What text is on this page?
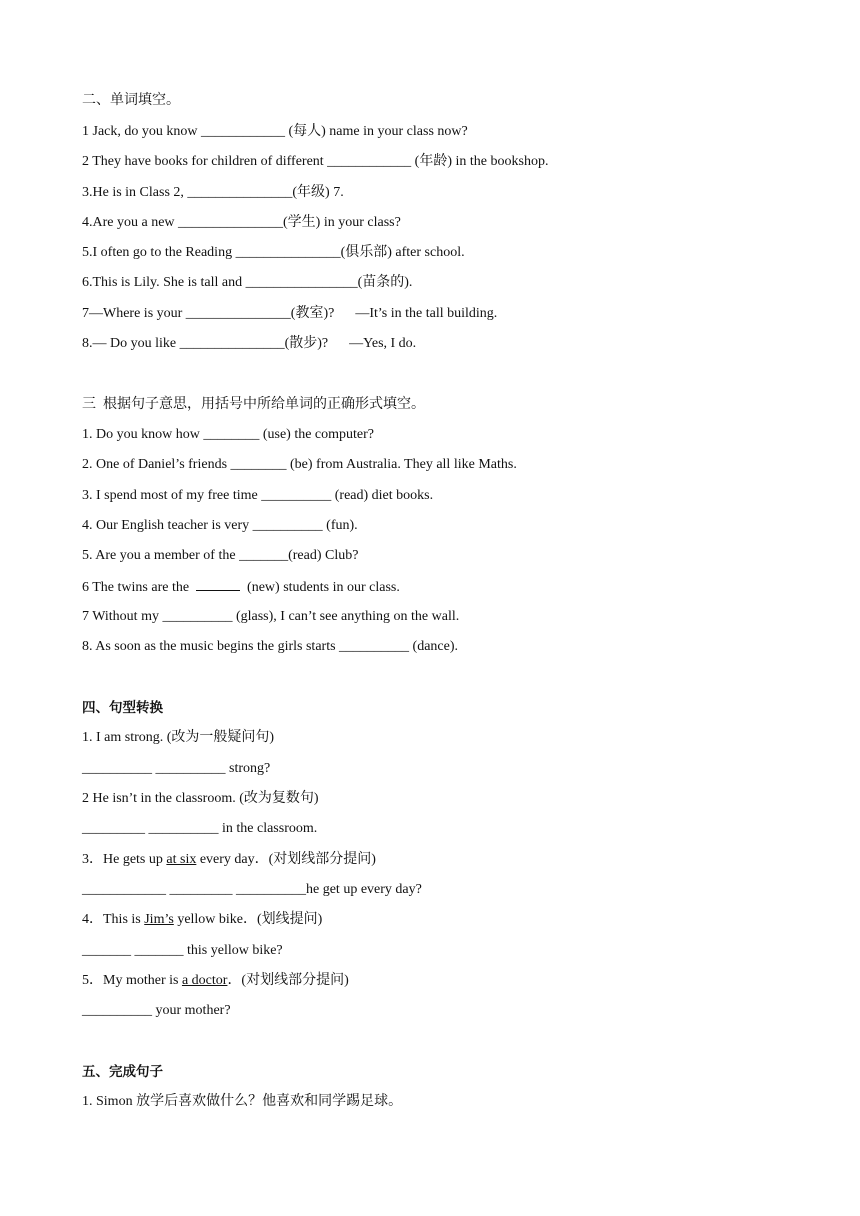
二、单词填空。
1 Jack, do you know ____________ (每人) name in your class now?
2 They have books for children of different ____________ (年龄) in the bookshop.
3.He is in Class 2, _______________(年级) 7.
4.Are you a new _______________(学生) in your class?
5.I often go to the Reading _______________(俱乐部) after school.
6.This is Lily. She is tall and ________________(苗条的).
7—Where is your _______________(教室)?      —It’s in the tall building.
8.— Do you like _______________(散步)?      —Yes, I do.
三  根据句子意思，用括号中所给单词的正确形式填空。
1. Do you know how ________ (use) the computer?
2. One of Daniel’s friends ________ (be) from Australia. They all like Maths.
3. I spend most of my free time __________ (read) diet books.
4. Our English teacher is very __________ (fun).
5. Are you a member of the _______(read) Club?
6 The twins are the	(new) students in our class.
7 Without my __________ (glass), I can’t see anything on the wall.
8. As soon as the music begins the girls starts __________ (dance).
四、句型转换
1. I am strong. (改为一般疑问句)
__________ __________ strong?
2 He isn’t in the classroom. (改为复数句)
_________ __________ in the classroom.
3．He gets up at six every day．(对划线部分提问)
____________ _________ __________he get up every day?
4．This is Jim’s yellow bike．(划线提问)
_______ _______ this yellow bike?
5．My mother is a doctor．(对划线部分提问)
__________ your mother?
五、完成句子
1. Simon 放学后喜欢做什么？他喜欢和同学踢足球。
